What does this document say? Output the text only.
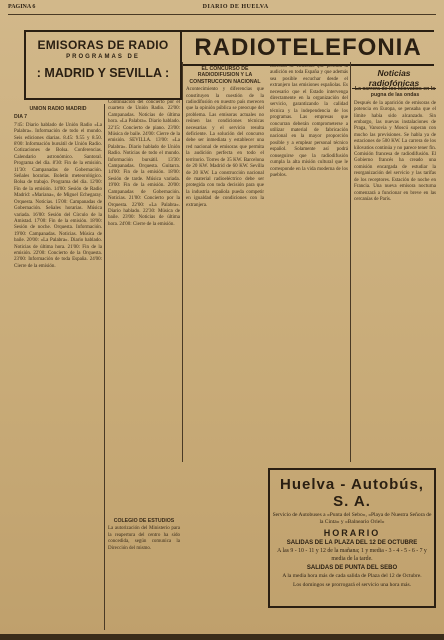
PAGINA 6	DIARIO DE HUELVA
EMISORAS DE RADIO
PROGRAMAS DE
: MADRID Y SEVILLA :
RADIOTELEFONIA
UNION RADIO MADRID
DIA 7

7'45: Diario hablado de Unión Radio «La Palabra». Información de todo el mundo. Seis ediciones diarias. 8.45: 9.55 y 8.50. 8'00: Información bursátil de Unión Radio. Cotizaciones de Bolsa. Conferencias. Calendario astronómico. Santoral. Programa del día. 8'30: Fin de la emisión. 11'30: Campanadas de Gobernación. Señales horarias. Boletín meteorológico. Bolsa de trabajo. Programa del día. 12'00: Fin de la emisión. 14'00: Sesión de Radio Madrid: «Mariana», de Miguel Echegaray. Orquesta. Noticias. 15'00: Campanadas de Gobernación. Señales horarias. Música variada. 16'00: Sesión del Círculo de la Amistad. 17'00: Fin de la emisión. 18'00: Sesión de noche. Orquesta. Información. 19'00: Campanadas. Noticias. Música de baile. 20'00: «La Palabra». Diario hablado. Noticias de última hora. 21'00: Fin de la emisión. 22'00: Concierto de la Orquesta. 23'00: Información de toda España. 24'00: Cierre de la emisión.

Continuación del concierto por el cuarteto de Unión Radio. 22'00: Campanadas. Noticias de última hora. «La Palabra». Diario hablado. 22'15: Concierto de piano. 23'00: Música de baile. 24'00: Cierre de la emisión. SEVILLA. 13'00: «La Palabra». Diario hablado de Unión Radio. Noticias de todo el mundo. Información bursátil. 13'30: Campanadas. Orquesta. Guitarra. 14'00: Fin de la emisión. 18'00: Sesión de tarde. Música variada. 19'00: Fin de la emisión. 20'00: Campanadas de Gobernación. Noticias. 21'00: Concierto por la Orquesta. 22'00: «La Palabra». Diario hablado. 22'30: Música de baile. 23'00: Noticias de última hora. 24'00: Cierre de la emisión.

COLEGIO DE ESTUDIOS

La autorización del Ministerio para la reapertura del centro ha sido concedida, según comunica la Dirección del mismo.

EL CONCURSO DE RADIODIFUSION Y LA CONSTRUCCION NACIONAL

Acontecimiento y diferencias que constituyen la cuestión de la radiodifusión en nuestro país merecen que la opinión pública se preocupe del problema. Las emisoras actuales no reúnen las condiciones técnicas necesarias y el servicio resulta deficiente. La solución del concurso debe ser inmediata y establecer una red nacional de emisoras que permita la audición perfecta en todo el territorio. Torres de 35 KW. Barcelona de 20 KW. Madrid de 60 KW. Sevilla de 20 KW. La construcción nacional de material radioeléctrico debe ser protegida con toda decisión para que la industria española pueda competir en igualdad de condiciones con la extranjera.

nacional de emisoras que permita la audición en toda España y que además sea posible escuchar desde el extranjero las emisiones españolas. Es necesario que el Estado intervenga directamente en la organización del servicio, garantizando la calidad técnica y la independencia de los programas. Las empresas que concurran deberán comprometerse a utilizar material de fabricación nacional en la mayor proporción posible y a emplear personal técnico español. Solamente así podrá conseguirse que la radiodifusión cumpla la alta misión cultural que le corresponde en la vida moderna de los pueblos.

Noticias radiofónicas
La carrera de los kilovatios en la pugna de las ondas

Después de la aparición de emisoras de potencia en Europa, se pensaba que el límite había sido alcanzado. Sin embargo, las nuevas instalaciones de Praga, Varsovia y Moscú superan con mucho las previsiones. Se habla ya de estaciones de 500 KW. La carrera de los kilovatios continúa y no parece tener fin. Comisión francesa de radiodifusión. El Gobierno francés ha creado una comisión encargada de estudiar la reorganización del servicio y las tarifas de los receptores. Estación de noche en Francia. Una nueva emisora nocturna comenzará a funcionar en breve en las cercanías de París.

Huelva - Autobús, S. A.
Servicio de Autobuses a «Punta del Sebo», «Playa de Nuestra Señora de la Cinta» y «Balneario Oriel»
HORARIO
SALIDAS DE LA PLAZA DEL 12 DE OCTUBRE
A las 9 - 10 - 11 y 12 de la mañana; 1 y media - 3 - 4 - 5 - 6 - 7 y media de la tarde.
SALIDAS DE PUNTA DEL SEBO
A la media hora más de cada salida de Plaza del 12 de Octubre.
Los domingos se prorrogará el servicio una hora más.
